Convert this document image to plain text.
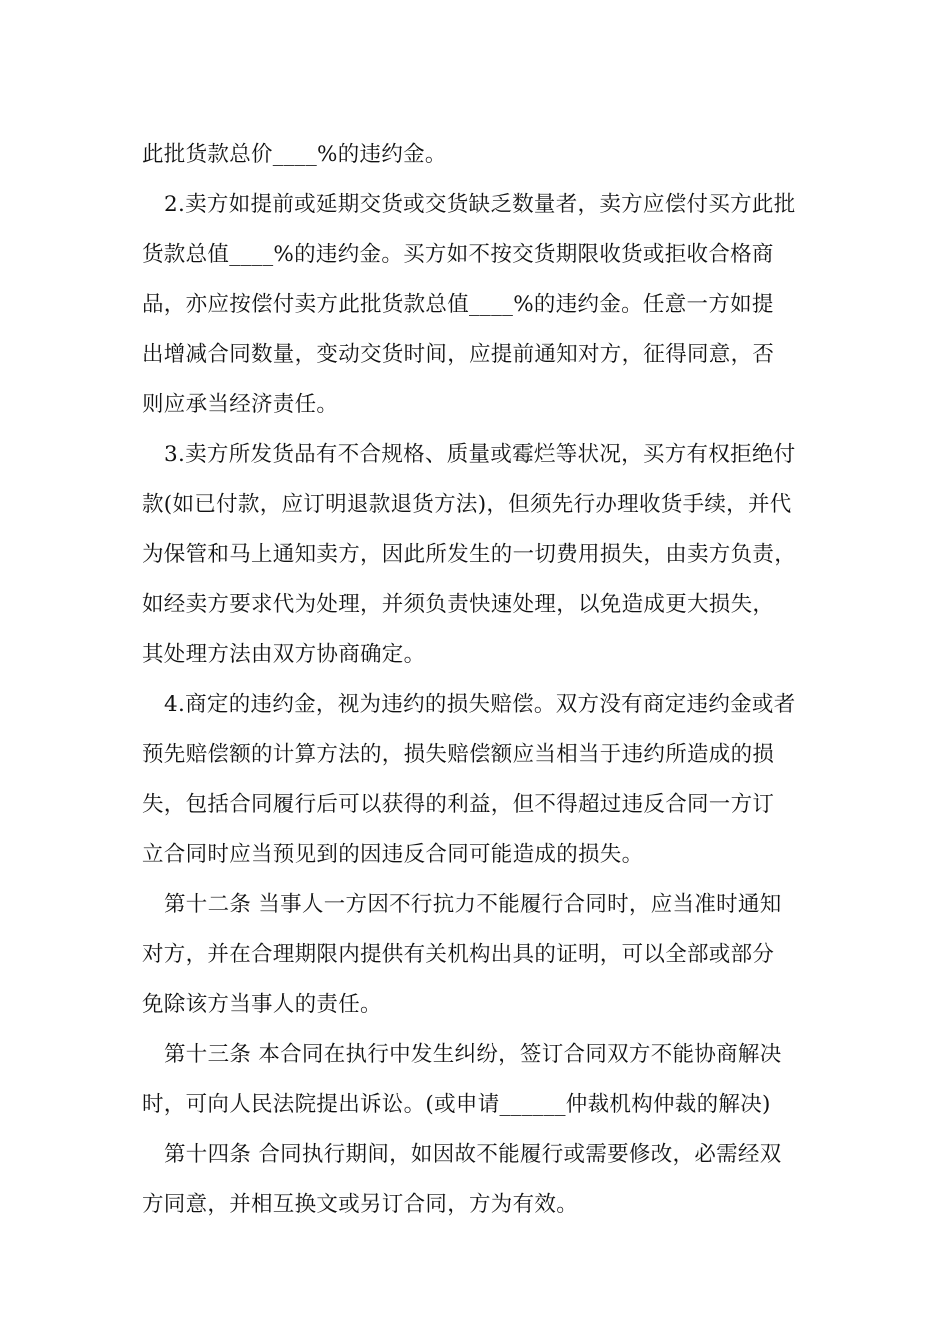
此批货款总价____%的违约金。
2.卖方如提前或延期交货或交货缺乏数量者，卖方应偿付买方此批
货款总值____%的违约金。买方如不按交货期限收货或拒收合格商
品，亦应按偿付卖方此批货款总值____%的违约金。任意一方如提
出增减合同数量，变动交货时间，应提前通知对方，征得同意，否
则应承当经济责任。
3.卖方所发货品有不合规格、质量或霉烂等状况，买方有权拒绝付
款(如已付款，应订明退款退货方法)，但须先行办理收货手续，并代
为保管和马上通知卖方，因此所发生的一切费用损失，由卖方负责，
如经卖方要求代为处理，并须负责快速处理，以免造成更大损失，
其处理方法由双方协商确定。
4.商定的违约金，视为违约的损失赔偿。双方没有商定违约金或者
预先赔偿额的计算方法的，损失赔偿额应当相当于违约所造成的损
失，包括合同履行后可以获得的利益，但不得超过违反合同一方订
立合同时应当预见到的因违反合同可能造成的损失。
第十二条 当事人一方因不行抗力不能履行合同时，应当准时通知
对方，并在合理期限内提供有关机构出具的证明，可以全部或部分
免除该方当事人的责任。
第十三条 本合同在执行中发生纠纷，签订合同双方不能协商解决
时，可向人民法院提出诉讼。(或申请______仲裁机构仲裁的解决)
第十四条 合同执行期间，如因故不能履行或需要修改，必需经双
方同意，并相互换文或另订合同，方为有效。
